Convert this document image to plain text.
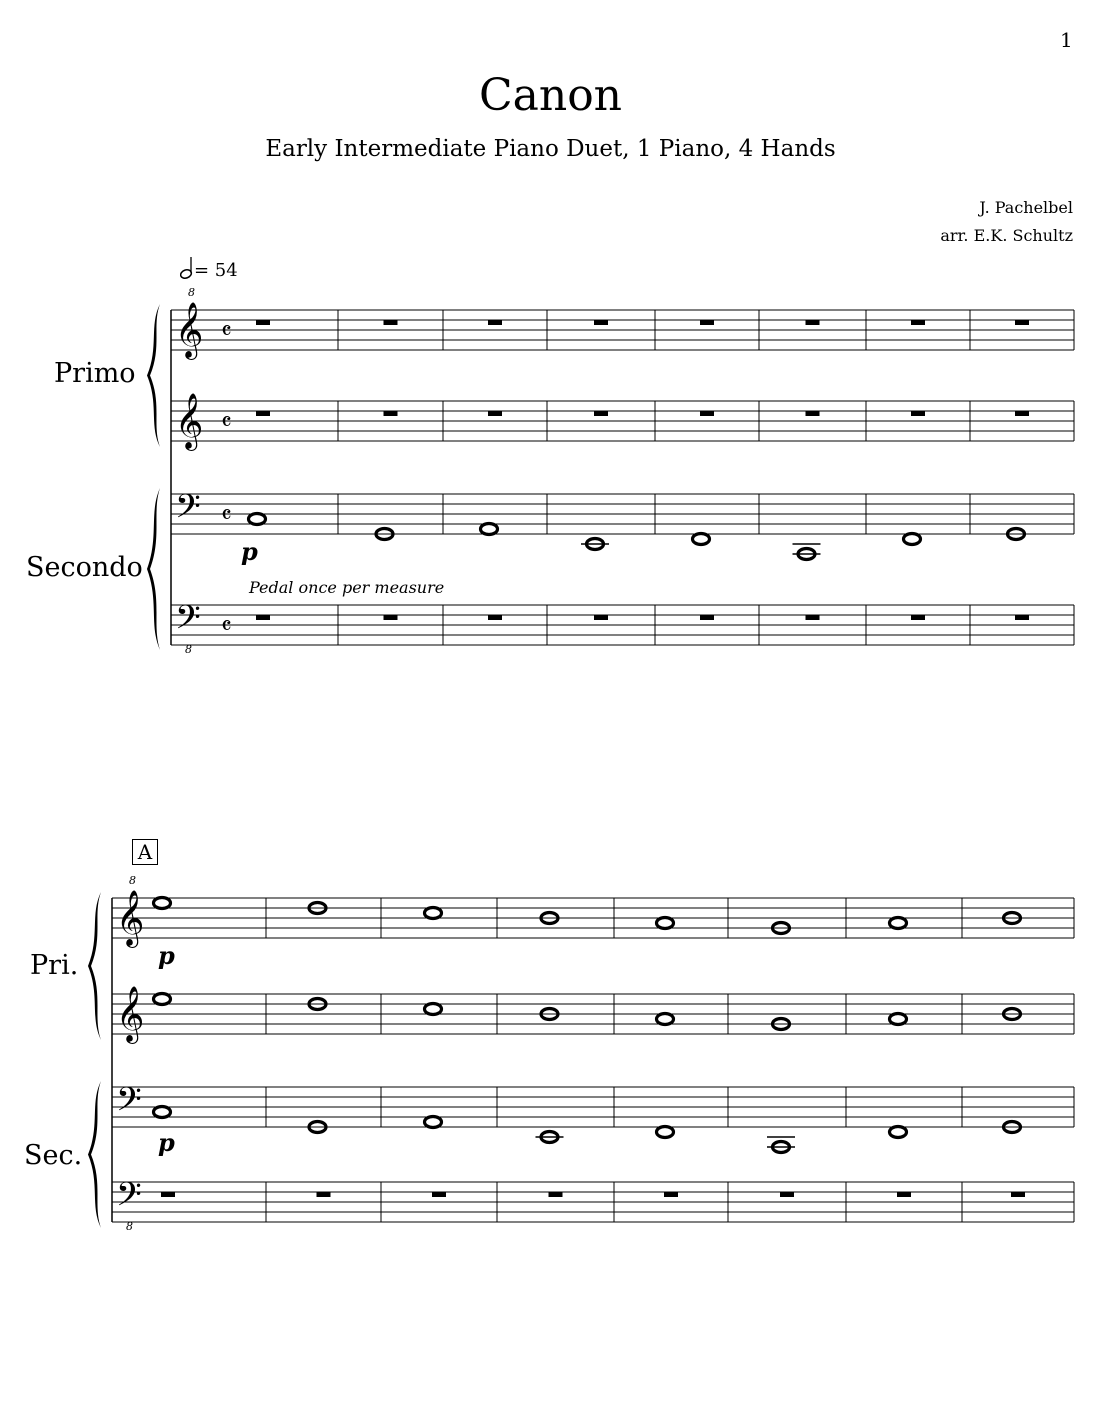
1
Canon
Early Intermediate Piano Duet, 1 Piano, 4 Hands
J. Pachelbel
arr. E.K. Schultz
= 54
Primo
Secondo
Pri.
Sec.
Pedal once per measure
A
𝄞
8
𝄴
𝄞 𝄴
𝄢 𝄴
𝄢
8
𝄴
p
𝄞
8
𝄞
𝄢
𝄢
8
p
p
